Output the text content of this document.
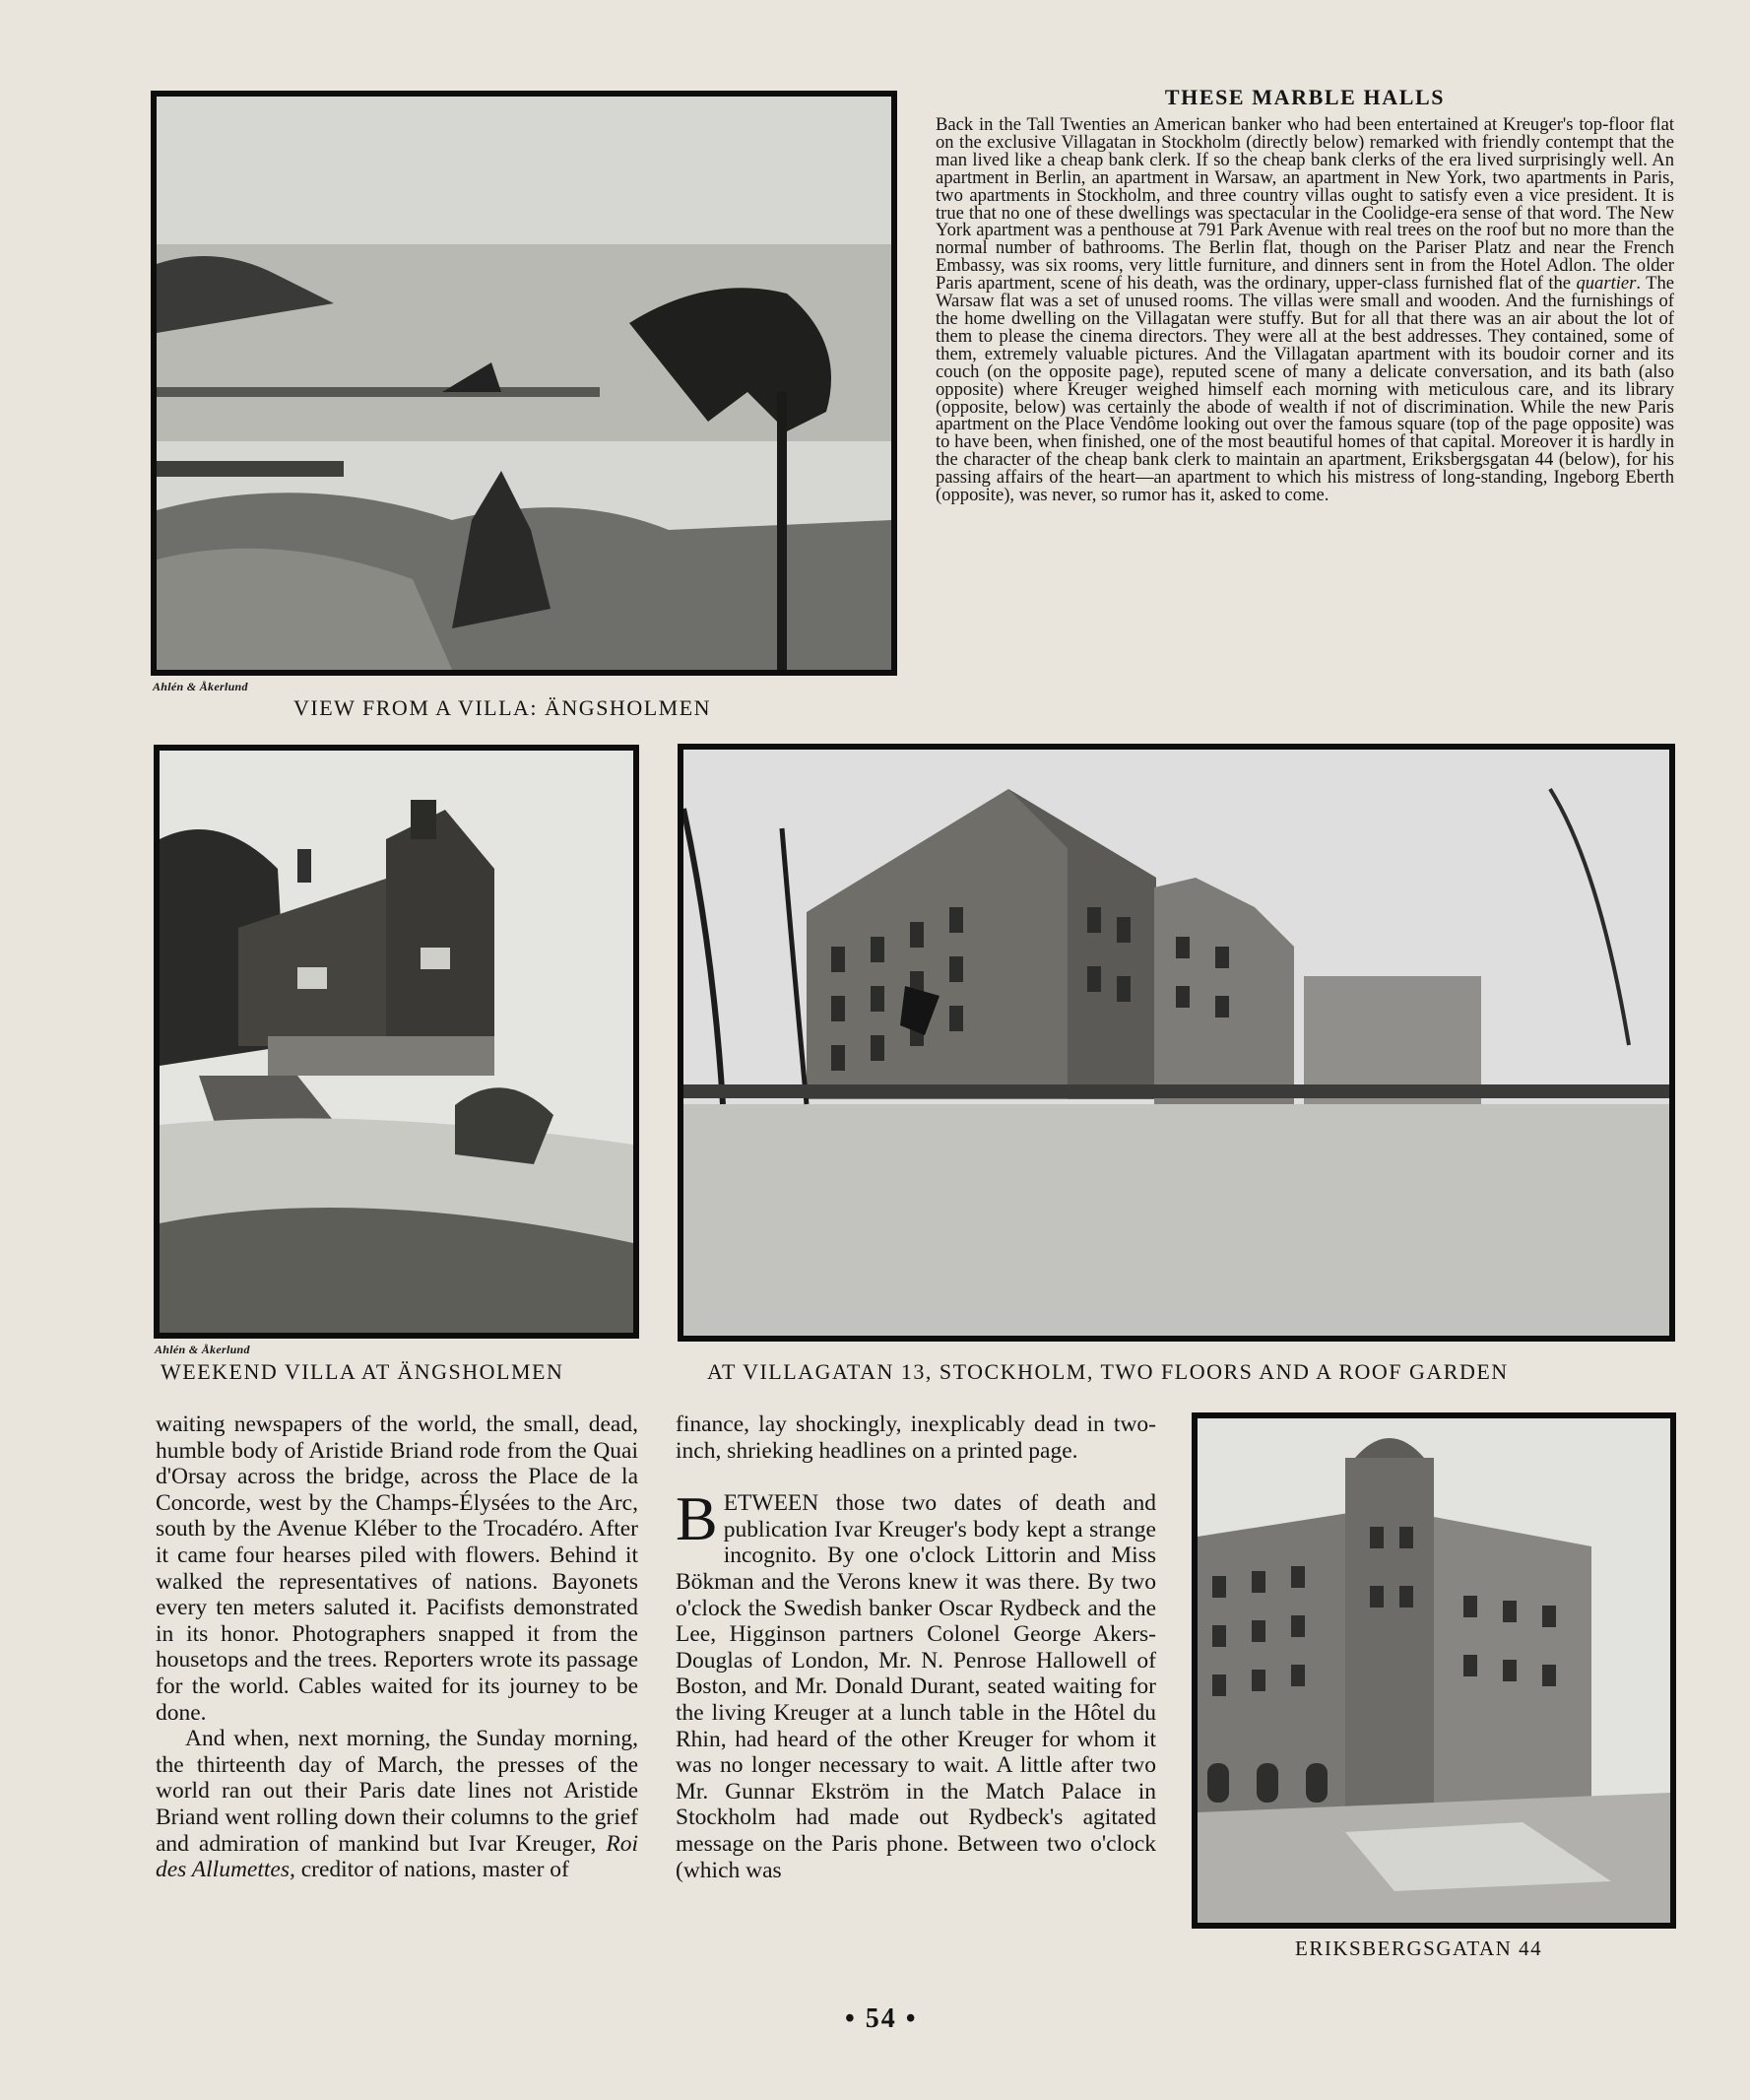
Ahlén & Åkerlund
VIEW FROM A VILLA: ÄNGSHOLMEN
THESE MARBLE HALLS
Back in the Tall Twenties an American banker who had been entertained at Kreuger's top-floor flat on the exclusive Villagatan in Stockholm (directly below) remarked with friendly contempt that the man lived like a cheap bank clerk. If so the cheap bank clerks of the era lived surprisingly well. An apartment in Berlin, an apartment in Warsaw, an apartment in New York, two apartments in Paris, two apartments in Stockholm, and three country villas ought to satisfy even a vice president. It is true that no one of these dwellings was spectacular in the Coolidge-era sense of that word. The New York apartment was a penthouse at 791 Park Avenue with real trees on the roof but no more than the normal number of bathrooms. The Berlin flat, though on the Pariser Platz and near the French Embassy, was six rooms, very little furniture, and dinners sent in from the Hotel Adlon. The older Paris apartment, scene of his death, was the ordinary, upper-class furnished flat of the quartier. The Warsaw flat was a set of unused rooms. The villas were small and wooden. And the furnishings of the home dwelling on the Villagatan were stuffy. But for all that there was an air about the lot of them to please the cinema directors. They were all at the best addresses. They contained, some of them, extremely valuable pictures. And the Villagatan apartment with its boudoir corner and its couch (on the opposite page), reputed scene of many a delicate conversation, and its bath (also opposite) where Kreuger weighed himself each morning with meticulous care, and its library (opposite, below) was certainly the abode of wealth if not of discrimination. While the new Paris apartment on the Place Vendôme looking out over the famous square (top of the page opposite) was to have been, when finished, one of the most beautiful homes of that capital. Moreover it is hardly in the character of the cheap bank clerk to maintain an apartment, Eriksbergsgatan 44 (below), for his passing affairs of the heart—an apartment to which his mistress of long-standing, Ingeborg Eberth (opposite), was never, so rumor has it, asked to come.
Ahlén & Åkerlund
WEEKEND VILLA AT ÄNGSHOLMEN	AT VILLAGATAN 13, STOCKHOLM, TWO FLOORS AND A ROOF GARDEN
ERIKSBERGSGATAN 44

waiting newspapers of the world, the small, dead, humble body of Aristide Briand rode from the Quai d'Orsay across the bridge, across the Place de la Concorde, west by the Champs-Élysées to the Arc, south by the Avenue Kléber to the Trocadéro. After it came four hearses piled with flowers. Behind it walked the representatives of nations. Bayonets every ten meters saluted it. Pacifists demonstrated in its honor. Photographers snapped it from the housetops and the trees. Reporters wrote its passage for the world. Cables waited for its journey to be done.

And when, next morning, the Sunday morning, the thirteenth day of March, the presses of the world ran out their Paris date lines not Aristide Briand went rolling down their columns to the grief and admiration of mankind but Ivar Kreuger, Roi des Allumettes, creditor of nations, master of

finance, lay shockingly, inexplicably dead in two-inch, shrieking headlines on a printed page.

BETWEEN those two dates of death and publication Ivar Kreuger's body kept a strange incognito. By one o'clock Littorin and Miss Bökman and the Verons knew it was there. By two o'clock the Swedish banker Oscar Rydbeck and the Lee, Higginson partners Colonel George Akers-Douglas of London, Mr. N. Penrose Hallowell of Boston, and Mr. Donald Durant, seated waiting for the living Kreuger at a lunch table in the Hôtel du Rhin, had heard of the other Kreuger for whom it was no longer necessary to wait. A little after two Mr. Gunnar Ekström in the Match Palace in Stockholm had made out Rydbeck's agitated message on the Paris phone. Between two o'clock (which was

• 54 •
